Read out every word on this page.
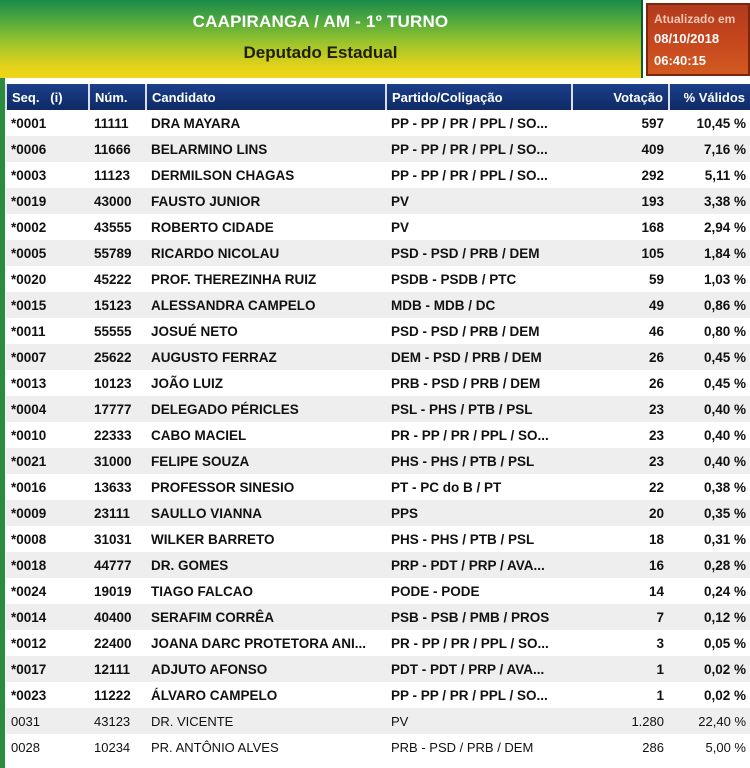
CAAPIRANGA / AM - 1º TURNO
Deputado Estadual
Atualizado em
08/10/2018
06:40:15
Seq.   (i)	Núm.	Candidato	Partido/Coligação	Votação	% Válidos
*0001	11111	DRA MAYARA	PP - PP / PR / PPL / SO...	597	10,45 %
*0006	11666	BELARMINO LINS	PP - PP / PR / PPL / SO...	409	7,16 %
*0003	11123	DERMILSON CHAGAS	PP - PP / PR / PPL / SO...	292	5,11 %
*0019	43000	FAUSTO JUNIOR	PV	193	3,38 %
*0002	43555	ROBERTO CIDADE	PV	168	2,94 %
*0005	55789	RICARDO NICOLAU	PSD - PSD / PRB / DEM	105	1,84 %
*0020	45222	PROF. THEREZINHA RUIZ	PSDB - PSDB / PTC	59	1,03 %
*0015	15123	ALESSANDRA CAMPELO	MDB - MDB / DC	49	0,86 %
*0011	55555	JOSUÉ NETO	PSD - PSD / PRB / DEM	46	0,80 %
*0007	25622	AUGUSTO FERRAZ	DEM - PSD / PRB / DEM	26	0,45 %
*0013	10123	JOÃO LUIZ	PRB - PSD / PRB / DEM	26	0,45 %
*0004	17777	DELEGADO PÉRICLES	PSL - PHS / PTB / PSL	23	0,40 %
*0010	22333	CABO MACIEL	PR - PP / PR / PPL / SO...	23	0,40 %
*0021	31000	FELIPE SOUZA	PHS - PHS / PTB / PSL	23	0,40 %
*0016	13633	PROFESSOR SINESIO	PT - PC do B / PT	22	0,38 %
*0009	23111	SAULLO VIANNA	PPS	20	0,35 %
*0008	31031	WILKER BARRETO	PHS - PHS / PTB / PSL	18	0,31 %
*0018	44777	DR. GOMES	PRP - PDT / PRP / AVA...	16	0,28 %
*0024	19019	TIAGO FALCAO	PODE - PODE	14	0,24 %
*0014	40400	SERAFIM CORRÊA	PSB - PSB / PMB / PROS	7	0,12 %
*0012	22400	JOANA DARC PROTETORA ANI...	PR - PP / PR / PPL / SO...	3	0,05 %
*0017	12111	ADJUTO AFONSO	PDT - PDT / PRP / AVA...	1	0,02 %
*0023	11222	ÁLVARO CAMPELO	PP - PP / PR / PPL / SO...	1	0,02 %
0031	43123	DR. VICENTE	PV	1.280	22,40 %
0028	10234	PR. ANTÔNIO ALVES	PRB - PSD / PRB / DEM	286	5,00 %
